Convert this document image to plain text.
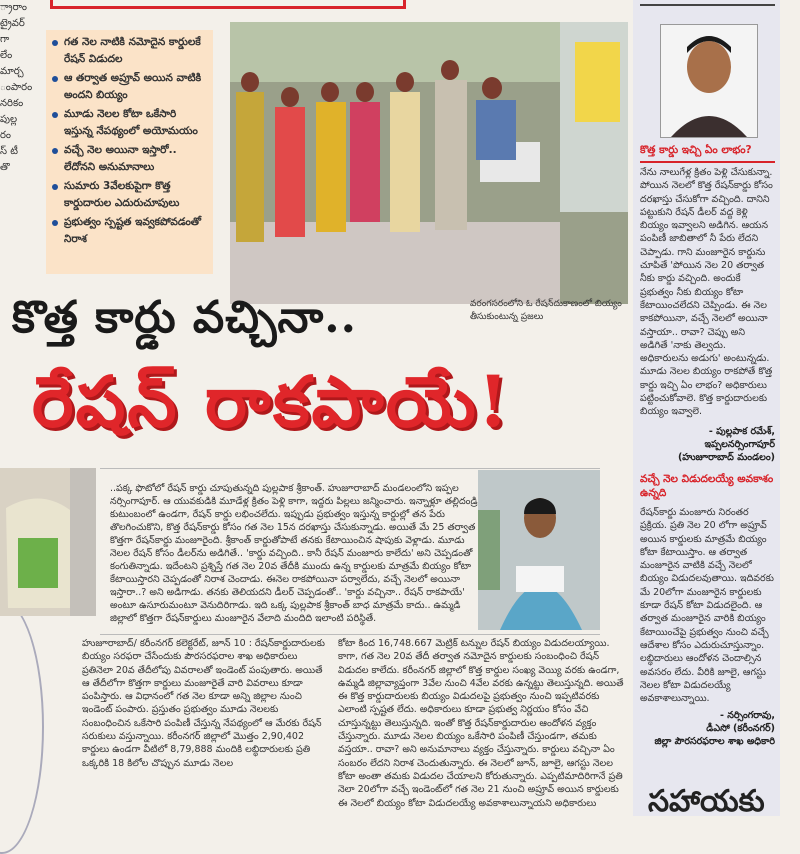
్రారాం
ట్రైవర్
గా
లేం
మార్చ
ంపారం
నరికం
పుల్ల
రం
స్ టీ
తొ
గత నెల నాటికి నమోదైన కార్డులకే రేషన్ విడుదల
ఆ తర్వాత అప్రూవ్ అయిన వాటికి అందని బియ్యం
మూడు నెలల కోటా ఒకేసారి ఇస్తున్న నేపథ్యంలో అయోమయం
వచ్చే నెల అయినా ఇస్తారో.. లేదోనని అనుమానాలు
సుమారు 3వేలకుపైగా కొత్త కార్డుదారుల ఎదురుచూపులు
ప్రభుత్వం స్పష్టత ఇవ్వకపోవడంతో నిరాశ
వరంగసరంలోని ఓ రేషన్‌దుకాణంలో బియ్యం తీసుకుంటున్న ప్రజలు
కొత్త కార్డు వచ్చినా..
రేషన్ రాకపాయే!
కొత్త కార్డు ఇచ్చి ఏం లాభం?
నేను నాలుగేళ్ల క్రితం పెళ్లి చేసుకున్నా. పోయిన నెలలో కొత్త రేషన్‌కార్డు కోసం దరఖాస్తు చేసుకోగా వచ్చింది. దానిని పట్టుకుని రేషన్ డీలర్ వద్ద కెళ్లి బియ్యం ఇవ్వాలని అడిగిన. ఆయన పంపిణీ జాబితాలో నీ పేరు లేదని చెప్పాడు. గాని మంజూరైన కార్డును చూపితే 'పోయిన నెల 20 తర్వాత నీకు కార్డు వచ్చింది. అందుకే ప్రభుత్వం నీకు బియ్యం కోటా కేటాయించలేదని చెప్పిండు. ఈ నెల కాకపోయినా, వచ్చే నెలలో అయినా వస్తాయా.. రావా? చెప్పు అని అడిగితే 'నాకు తెల్వదు. అధికారులను అడుగు' అంటున్నడు. మూడు నెలల బియ్యం రాకపోతే కొత్త కార్డు ఇచ్చి ఏం లాభం? అధికారులు పట్టించుకోవాలె. కొత్త కార్డుదారులకు బియ్యం ఇవ్వాలె.
- పుల్లపాక రమేశ్,
ఇప్పలనర్సింగాపూర్
(హుజూరాబాద్ మండలం)
వచ్చే నెల విడుదలయ్యే అవకాశం ఉన్నది
రేషన్‌కార్డు మంజూరు నిరంతర ప్రక్రియ. ప్రతి నెల 20 లోగా అప్రూవ్ అయిన కార్డులకు మాత్రమే బియ్యం కోటా కేటాయిస్తాం. ఆ తర్వాత మంజూరైన వాటికి వచ్చే నెలలో బియ్యం విడుదలవుతాయి. ఇదివరకు మే 20లోగా మంజూరైన కార్డులకు కూడా రేషన్ కోటా విడుదలైంది. ఆ తర్వాత మంజూరైన వారికి బియ్యం కేటాయించేపై ప్రభుత్వం నుంచి వచ్చే ఆదేశాల కోసం ఎదురుచూస్తున్నాం. లబ్ధిదారులు ఆందోళన చెందాల్సిన అవసరం లేదు. వీరికి జూలై, ఆగస్టు నెలల కోటా విడుదలయ్యే అవకాశాలున్నాయి.
- నర్సింగరావు,
డీఎసో (కరీంనగర్)
జిల్లా పౌరసరఫరాల శాఖ అధికారి
..పక్క ఫొటోలో రేషన్ కార్డు చూపుతున్నది పుల్లపాక శ్రీకాంత్. హుజూరాబాద్ మండలంలోని ఇప్పల నర్సింగాపూర్. ఆ యువకుడికి మూడేళ్ల క్రితం పెళ్లి కాగా, ఇద్దరు పిల్లలు జన్మించారు. ఇన్నాళ్లూ తల్లిదండ్రి కుటుంబంలో ఉండగా, రేషన్ కార్డు లభించలేదు. ఇప్పుడు ప్రభుత్వం ఇస్తున్న కార్డుల్లో తన పేరు తొలగించుకొని, కొత్త రేషన్‌కార్డు కోసం గత నెల 15న దరఖాస్తు చేసుకున్నాడు. అయితే మే 25 తర్వాత కొత్తగా రేషన్‌కార్డు మంజూరైంది. శ్రీకాంత్ కార్డుతోపాటే తనకు కేటాయించిన షాపుకు వెళ్లాడు. మూడు నెలల రేషన్ కోసం డీలర్‌ను అడిగితే.. 'కార్డు వచ్చింది.. కానీ రేషన్ మంజూరు కాలేదు' అని చెప్పడంతో కంగుతిన్నాడు. ఇదేంటని ప్రశ్నిస్తే గత నెల 20వ తేదీకి ముందు ఉన్న కార్డులకు మాత్రమే బియ్యం కోటా కేటాయిస్తారని చెప్పడంతో నిరాశ చెందాడు. ఈనెల రాకపోయినా పర్వాలేదు, వచ్చే నెలలో అయినా ఇస్తారా..? అని అడిగాడు. తనకు తెలియదని డీలర్ చెప్పడంతో.. 'కార్డు వచ్చినా.. రేషన్ రాకపాయే' అంటూ ఉసూరుమంటూ వెనుదిరిగాడు. ఇది ఒక్క పుల్లపాక శ్రీకాంత్ బాధ మాత్రమే కాదు.. ఉమ్మడి జిల్లాలో కొత్తగా రేషన్‌కార్డులు మంజూరైన వేలాది మందిది ఇలాంటి పరిస్థితే.
హుజూరాబాద్/ కరీంనగర్ కలెక్టరేట్, జూన్ 10 : రేషన్‌కార్డుదారులకు బియ్యం సరఫరా చేసేందుకు పౌరసరఫరాల శాఖ అధికారులు ప్రతినెలా 20వ తేదీలోపు వివరాలతో ఇండెంట్ పంపుతారు. అయితే ఆ తేదీలోగా కొత్తగా కార్డులు మంజూరైతే వారి వివరాలు కూడా పంపిస్తారు. ఆ విధానంలో గత నెల కూడా అన్ని జిల్లాల నుంచి ఇండెంట్ పంపారు. ప్రస్తుతం ప్రభుత్వం మూడు నెలలకు సంబంధించిన ఒకేసారి పంపిణీ చేస్తున్న నేపథ్యంలో ఆ మేరకు రేషన్ సరుకులు వస్తున్నాయి. కరీంనగర్ జిల్లాలో మొత్తం 2,90,402 కార్డులు ఉండగా వీటిలో 8,79,888 మందికి లబ్ధిదారులకు ప్రతి ఒక్కరికి 18 కిలోల చొప్పున మూడు నెలల
కోటా కింద 16,748.667 మెట్రిక్ టన్నుల రేషన్ బియ్యం విడుదలయ్యాయి. కాగా, గత నెల 20వ తేదీ తర్వాత నమోదైన కార్డులకు సంబంధించి రేషన్ విడుదల కాలేదు. కరీంనగర్ జిల్లాలో కొత్త కార్డుల సంఖ్య వెయ్యి వరకు ఉండగా, ఉమ్మడి జిల్లావ్యాప్తంగా 3వేల నుంచి 4వేల వరకు ఉన్నట్టు తెలుస్తున్నది. అయితే ఈ కొత్త కార్డుదారులకు బియ్యం విడుదలపై ప్రభుత్వం నుంచి ఇప్పటివరకు ఎలాంటి స్పష్టత లేదు. అధికారులు కూడా ప్రభుత్వ నిర్ణయం కోసం వేచి చూస్తున్నట్టు తెలుస్తున్నది. ఇంతో కొత్త రేషన్‌కార్డుదారుల ఆందోళన వ్యక్తం చేస్తున్నారు. మూడు నెలల బియ్యం ఒకేసారి పంపిణీ చేస్తుండగా, తమకు వస్తయా.. రావా? అని అనుమానాలు వ్యక్తం చేస్తున్నారు. కార్డులు వచ్చినా ఏం సంబరం లేదని నిరాశ చెందుతున్నారు. ఈ నెలలో జూన్, జూలై, ఆగస్టు నెలల కోటా అంతా తమకు విడుదల చేయాలని కోరుతున్నారు. ఎప్పటిమాదిరిగానే ప్రతి నెలా 20లోగా వచ్చే ఇండెంట్‌లో గత నెల 21 నుంచి అప్రూవ్ అయిన కార్డులకు ఈ నెలలో బియ్యం కోటా విడుదలయ్యే అవకాశాలున్నాయని అధికారులు	సహాయకు
